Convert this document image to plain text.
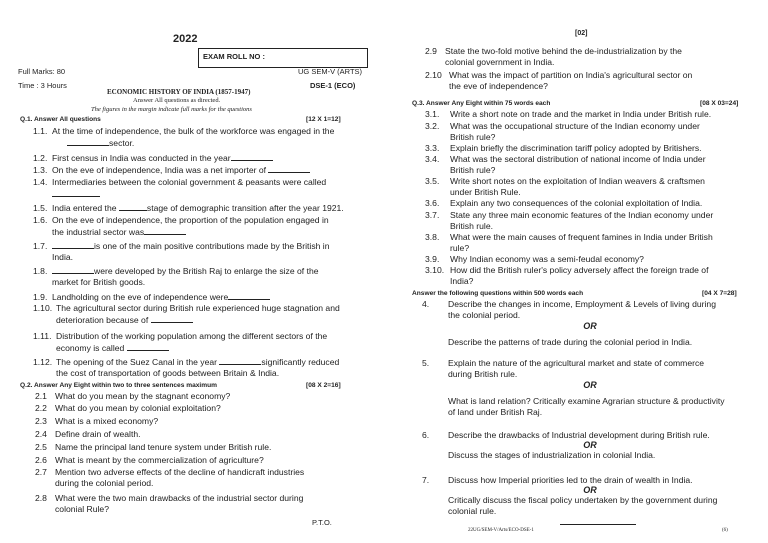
2022
EXAM ROLL NO :
Full Marks: 80	UG SEM-V (ARTS)
Time : 3 Hours	DSE-1 (ECO)
ECONOMIC HISTORY OF INDIA (1857-1947)
Answer All questions as directed.
The figures in the margin indicate full marks for the questions
Q.1. Answer All questions	[12 X 1=12]
1.1. At the time of independence, the bulk of the workforce was engaged in the
sector.
1.2. First census in India was conducted in the year
1.3. On the eve of independence, India was a net importer of
1.4. Intermediaries between the colonial government & peasants were called

1.5. India entered the	stage of demographic transition after the year 1921.
1.6. On the eve of independence, the proportion of the population engaged in
the industrial sector was
1.7.	is one of the main positive contributions made by the British in
India.
1.8.	were developed by the British Raj to enlarge the size of the
market for British goods.
1.9. Landholding on the eve of independence were
1.10. The agricultural sector during British rule experienced huge stagnation and
deterioration because of
1.11. Distribution of the working population among the different sectors of the
economy is called
1.12. The opening of the Suez Canal in the year	significantly reduced
the cost of transportation of goods between Britain & India.
Q.2. Answer Any Eight within two to three sentences maximum	[08 X 2=16]
2.1 What do you mean by the stagnant economy?
2.2 What do you mean by colonial exploitation?
2.3 What is a mixed economy?
2.4 Define drain of wealth.
2.5 Name the principal land tenure system under British rule.
2.6 What is meant by the commercialization of agriculture?
2.7 Mention two adverse effects of the decline of handicraft industries
during the colonial period.
2.8 What were the two main drawbacks of the industrial sector during
colonial Rule?
P.T.O.
[02]
2.9 State the two-fold motive behind the de-industrialization by the
colonial government in India.
2.10 What was the impact of partition on India's agricultural sector on
the eve of independence?
Q.3. Answer Any Eight within 75 words each	[08 X 03=24]
3.1. Write a short note on trade and the market in India under British rule.
3.2. What was the occupational structure of the Indian economy under
British rule?
3.3. Explain briefly the discrimination tariff policy adopted by Britishers.
3.4. What was the sectoral distribution of national income of India under
British rule?
3.5. Write short notes on the exploitation of Indian weavers & craftsmen
under British Rule.
3.6. Explain any two consequences of the colonial exploitation of India.
3.7. State any three main economic features of the Indian economy under
British rule.
3.8. What were the main causes of frequent famines in India under British
rule?
3.9. Why Indian economy was a semi-feudal economy?
3.10. How did the British ruler's policy adversely affect the foreign trade of
India?
Answer the following questions within 500 words each	[04 X 7=28]
4. Describe the changes in income, Employment & Levels of living during
the colonial period.
OR
Describe the patterns of trade during the colonial period in India.
5. Explain the nature of the agricultural market and state of commerce
during British rule.
OR
What is land relation? Critically examine Agrarian structure & productivity
of land under British Raj.
6. Describe the drawbacks of Industrial development during British rule.
OR
Discuss the stages of industrialization in colonial India.
7. Discuss how Imperial priorities led to the drain of wealth in India.
OR
Critically discuss the fiscal policy undertaken by the government during
colonial rule.
22UG/SEM-V/Arts/ECO-DSE-1	(6)
